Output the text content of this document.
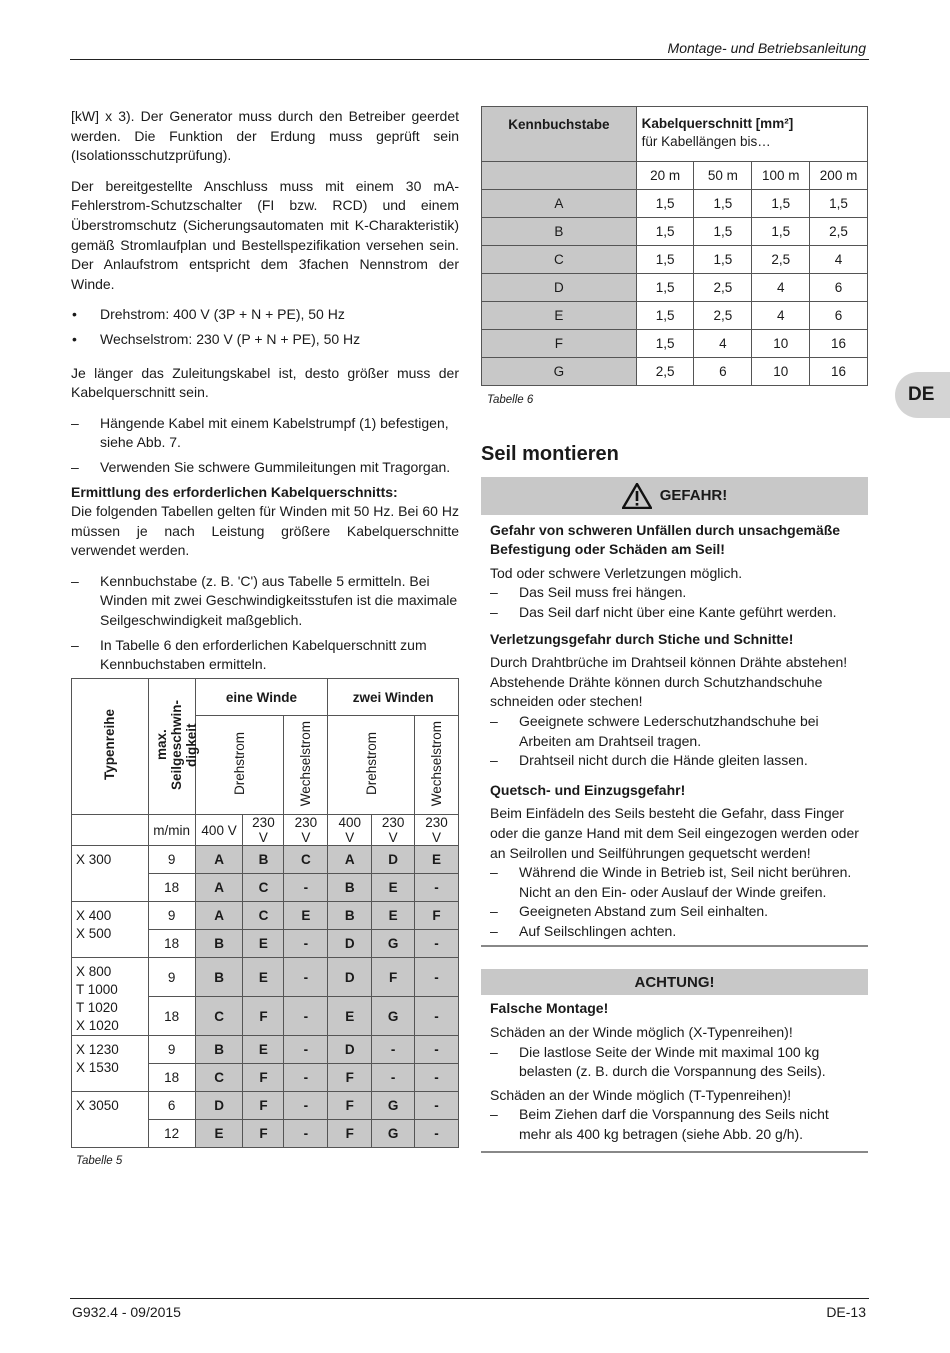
Montage- und Betriebsanleitung
DE

[kW] x 3). Der Generator muss durch den Betreiber geerdet werden. Die Funktion der Erdung muss geprüft sein (Isolationsschutzprüfung).

Der bereitgestellte Anschluss muss mit einem 30 mA-Fehlerstrom-Schutzschalter (FI bzw. RCD) und einem Überstromschutz (Sicherungsautomaten mit K-Charakteristik) gemäß Stromlaufplan und Bestellspezifikation versehen sein. Der Anlaufstrom entspricht dem 3fachen Nennstrom der Winde.

• Drehstrom: 400 V (3P + N + PE), 50 Hz
• Wechselstrom: 230 V (P + N + PE), 50 Hz

Je länger das Zuleitungskabel ist, desto größer muss der Kabelquerschnitt sein.

– Hängende Kabel mit einem Kabelstrumpf (1) befestigen, siehe Abb. 7.
– Verwenden Sie schwere Gummileitungen mit Tragorgan.
Ermittlung des erforderlichen Kabelquerschnitts:

Die folgenden Tabellen gelten für Winden mit 50 Hz. Bei 60 Hz müssen je nach Leistung größere Kabelquerschnitte verwendet werden.

– Kennbuchstabe (z. B. 'C') aus Tabelle 5 ermitteln. Bei Winden mit zwei Geschwindigkeitsstufen ist die maximale Seilgeschwindigkeit maßgeblich.
– In Tabelle 6 den erforderlichen Kabelquerschnitt zum Kennbuchstaben ermitteln.
Typenreihe	max. Seilgeschwin-digkeit	eine Winde			zwei Winden		
		Drehstrom		Wechselstrom	Drehstrom		Wechselstrom
	m/min	400 V	230 V	230 V	400 V	230 V	230 V

X 300	9	A	B	C	A	D	E
	18	A	C	-	B	E	-

X 400
X 500	9	A	C	E	B	E	F
	18	B	E	-	D	G	-

X 800
T 1000
T 1020
X 1020	9	B	E	-	D	F	-
	18	C	F	-	E	G	-

X 1230
X 1530	9	B	E	-	D	-	-
	18	C	F	-	F	-	-

X 3050	6	D	F	-	F	G	-
	12	E	F	-	F	G	-
Tabelle 5
Kennbuchstabe	Kabelquerschnitt [mm²]
für Kabellängen bis…			

	20 m	50 m	100 m	200 m
A	1,5	1,5	1,5	1,5
B	1,5	1,5	1,5	2,5
C	1,5	1,5	2,5	4
D	1,5	2,5	4	6
E	1,5	2,5	4	6
F	1,5	4	10	16
G	2,5	6	10	16
Tabelle 6
Seil montieren
GEFAHR!
Gefahr von schweren Unfällen durch unsachgemäße Befestigung oder Schäden am Seil!
Tod oder schwere Verletzungen möglich.
– Das Seil muss frei hängen.
– Das Seil darf nicht über eine Kante geführt werden.
Verletzungsgefahr durch Stiche und Schnitte!
Durch Drahtbrüche im Drahtseil können Drähte abstehen! Abstehende Drähte können durch Schutzhandschuhe schneiden oder stechen!
– Geeignete schwere Lederschutzhandschuhe bei Arbeiten am Drahtseil tragen.
– Drahtseil nicht durch die Hände gleiten lassen.
Quetsch- und Einzugsgefahr!
Beim Einfädeln des Seils besteht die Gefahr, dass Finger oder die ganze Hand mit dem Seil eingezogen werden oder an Seilrollen und Seilführungen gequetscht werden!
– Während die Winde in Betrieb ist, Seil nicht berühren. Nicht an den Ein- oder Auslauf der Winde greifen.
– Geeigneten Abstand zum Seil einhalten.
– Auf Seilschlingen achten.
ACHTUNG!
Falsche Montage!
Schäden an der Winde möglich (X-Typenreihen)!
– Die lastlose Seite der Winde mit maximal 100 kg belasten (z. B. durch die Vorspannung des Seils).
Schäden an der Winde möglich (T-Typenreihen)!
– Beim Ziehen darf die Vorspannung des Seils nicht mehr als 400 kg betragen (siehe Abb. 20 g/h).
G932.4 - 09/2015	DE-13
